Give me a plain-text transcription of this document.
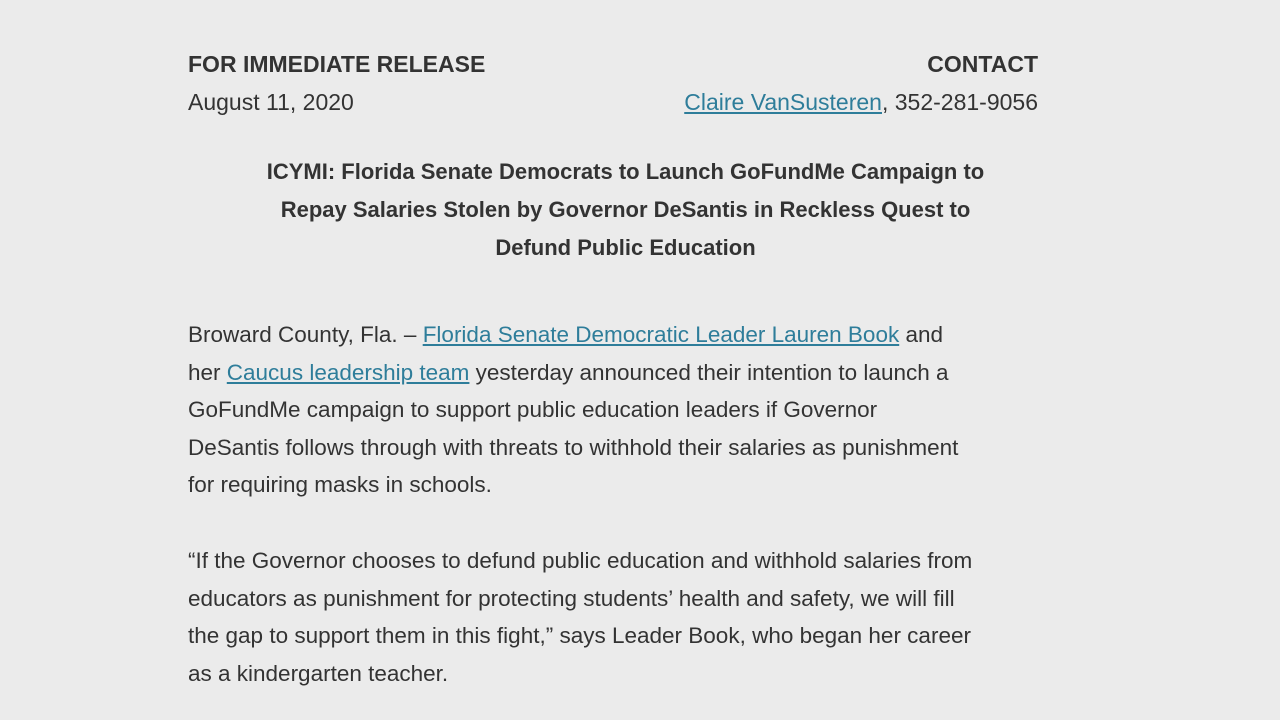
FOR IMMEDIATE RELEASE	CONTACT
August 11, 2020	Claire VanSusteren, 352-281-9056
ICYMI: Florida Senate Democrats to Launch GoFundMe Campaign to
Repay Salaries Stolen by Governor DeSantis in Reckless Quest to
Defund Public Education
Broward County, Fla. – Florida Senate Democratic Leader Lauren Book and
her Caucus leadership team yesterday announced their intention to launch a
GoFundMe campaign to support public education leaders if Governor
DeSantis follows through with threats to withhold their salaries as punishment
for requiring masks in schools.
“If the Governor chooses to defund public education and withhold salaries from
educators as punishment for protecting students’ health and safety, we will fill
the gap to support them in this fight,” says Leader Book, who began her career
as a kindergarten teacher.
